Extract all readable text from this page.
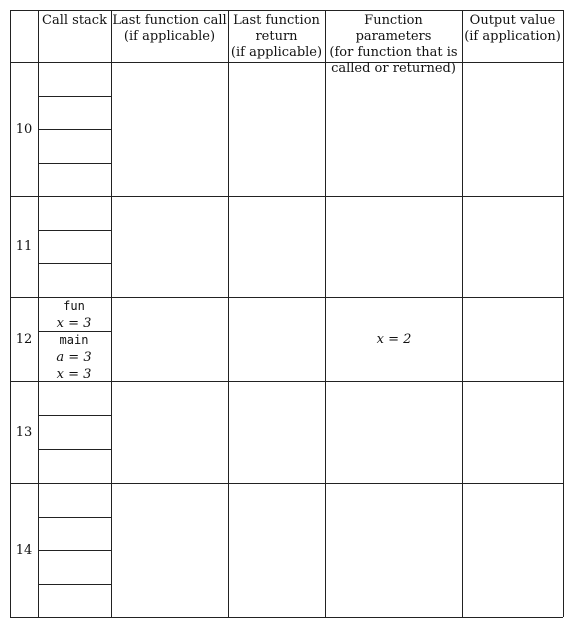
Call stack Last function call
(if applicable)
Last function
return
(if applicable)
Function parameters
(for function that is
called or returned)
Output value
(if application)
10
11
12
fun
x = 3
main
a = 3
x = 3
x = 2
13
14
